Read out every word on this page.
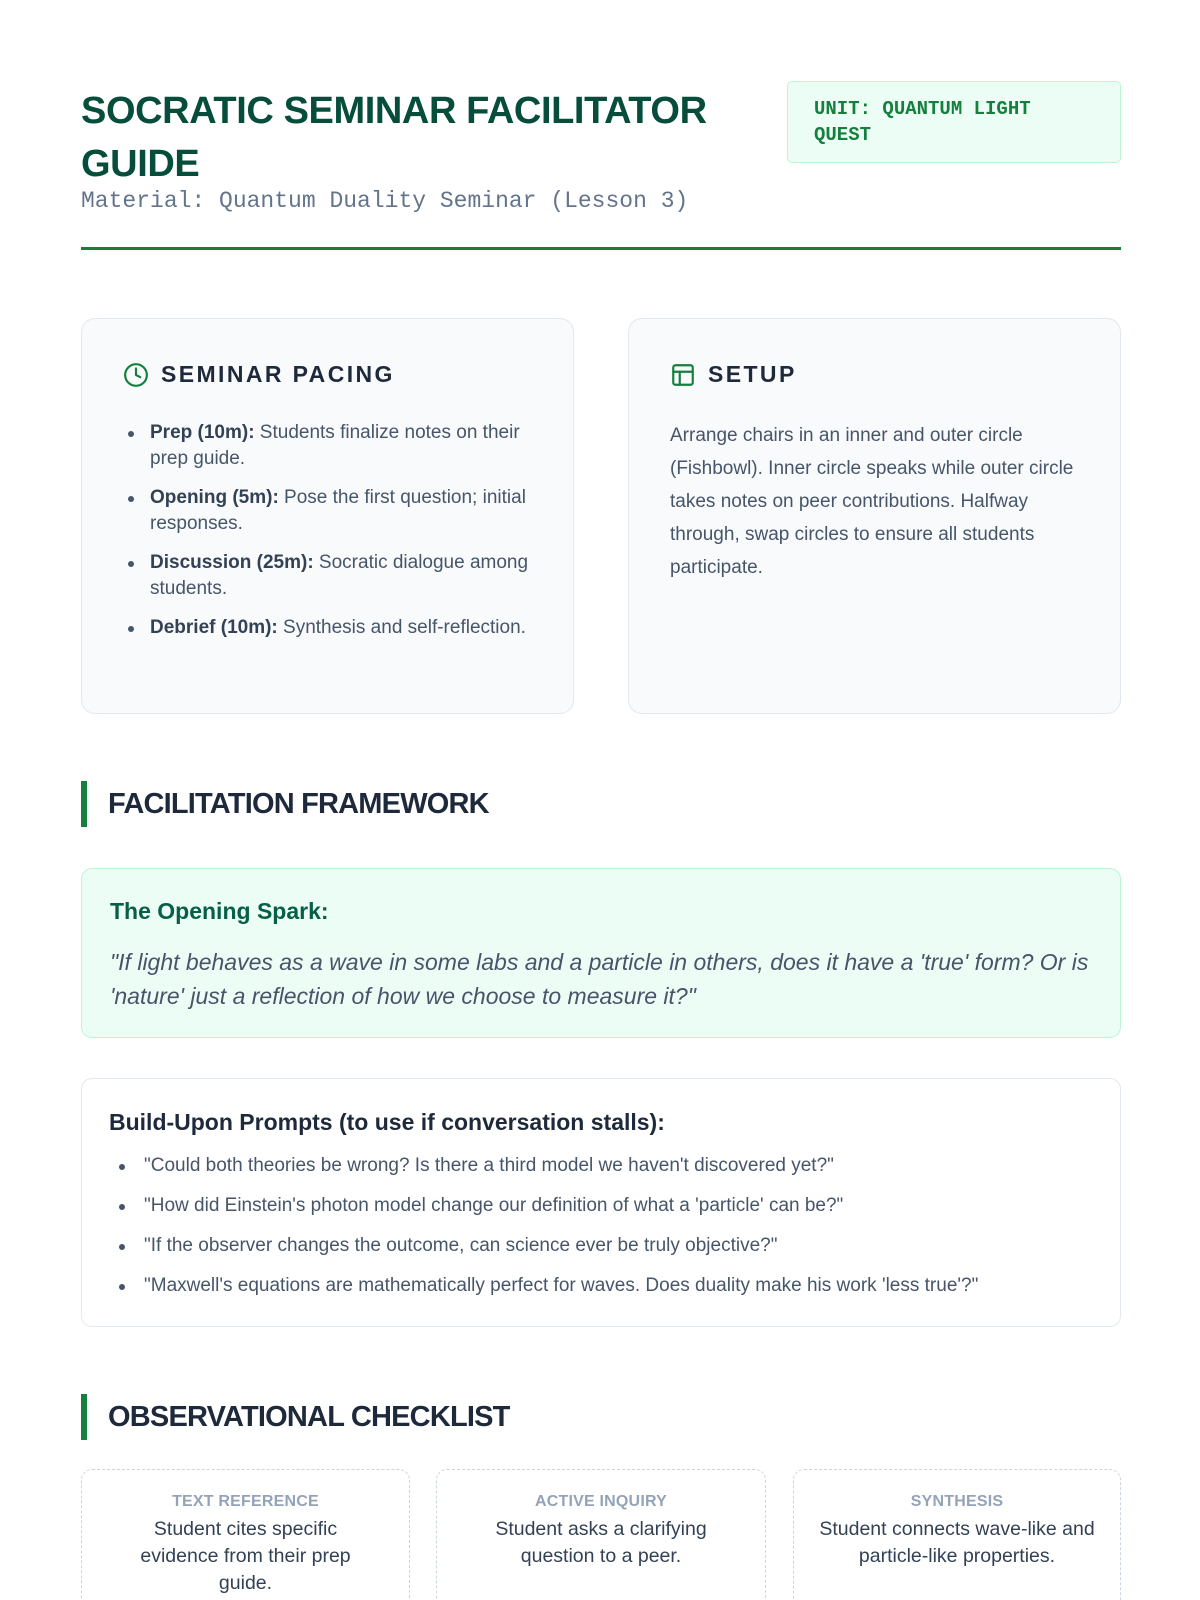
SOCRATIC SEMINAR FACILITATOR GUIDE
Material: Quantum Duality Seminar (Lesson 3)
UNIT: QUANTUM LIGHT QUEST
SEMINAR PACING
Prep (10m): Students finalize notes on their prep guide.
Opening (5m): Pose the first question; initial responses.
Discussion (25m): Socratic dialogue among students.
Debrief (10m): Synthesis and self-reflection.
SETUP

Arrange chairs in an inner and outer circle (Fishbowl). Inner circle speaks while outer circle takes notes on peer contributions. Halfway through, swap circles to ensure all students participate.

FACILITATION FRAMEWORK
The Opening Spark:

"If light behaves as a wave in some labs and a particle in others, does it have a 'true' form? Or is 'nature' just a reflection of how we choose to measure it?"

Build-Upon Prompts (to use if conversation stalls):
"Could both theories be wrong? Is there a third model we haven't discovered yet?"
"How did Einstein's photon model change our definition of what a 'particle' can be?"
"If the observer changes the outcome, can science ever be truly objective?"
"Maxwell's equations are mathematically perfect for waves. Does duality make his work 'less true'?"
OBSERVATIONAL CHECKLIST
TEXT REFERENCE
Student cites specific evidence from their prep guide.
ACTIVE INQUIRY
Student asks a clarifying question to a peer.
SYNTHESIS
Student connects wave-like and particle-like properties.
